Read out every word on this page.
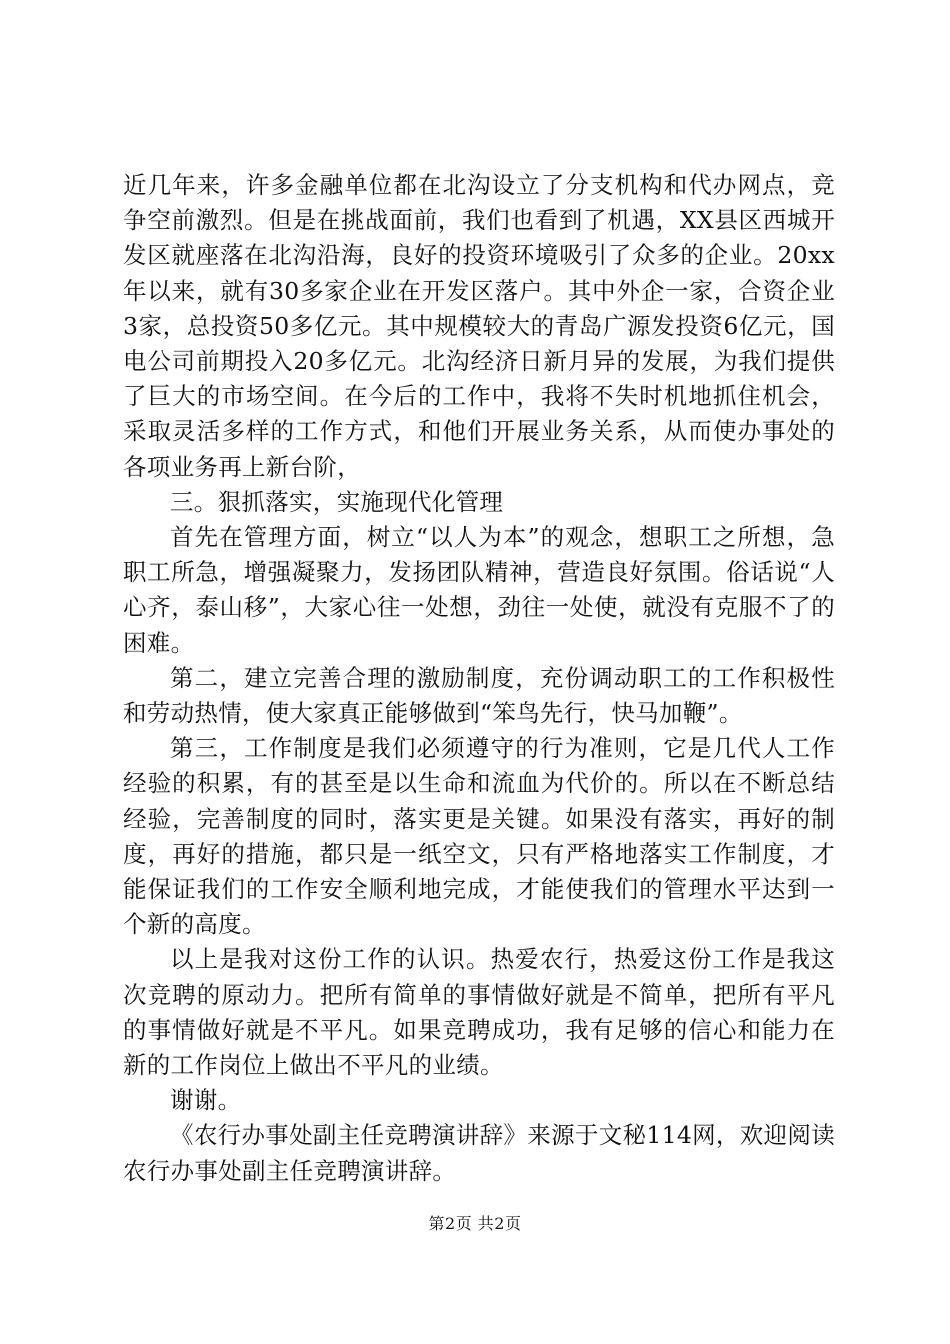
近几年来，许多金融单位都在北沟设立了分支机构和代办网点，竞争空前激烈。但是在挑战面前，我们也看到了机遇，XX县区西城开发区就座落在北沟沿海，良好的投资环境吸引了众多的企业。20xx年以来，就有30多家企业在开发区落户。其中外企一家，合资企业3家，总投资50多亿元。其中规模较大的青岛广源发投资6亿元，国电公司前期投入20多亿元。北沟经济日新月异的发展，为我们提供了巨大的市场空间。在今后的工作中，我将不失时机地抓住机会，采取灵活多样的工作方式，和他们开展业务关系，从而使办事处的各项业务再上新台阶，

三。狠抓落实，实施现代化管理

首先在管理方面，树立“以人为本”的观念，想职工之所想，急职工所急，增强凝聚力，发扬团队精神，营造良好氛围。俗话说“人心齐，泰山移”，大家心往一处想，劲往一处使，就没有克服不了的困难。

第二，建立完善合理的激励制度，充份调动职工的工作积极性和劳动热情，使大家真正能够做到“笨鸟先行，快马加鞭”。

第三，工作制度是我们必须遵守的行为准则，它是几代人工作经验的积累，有的甚至是以生命和流血为代价的。所以在不断总结经验，完善制度的同时，落实更是关键。如果没有落实，再好的制度，再好的措施，都只是一纸空文，只有严格地落实工作制度，才能保证我们的工作安全顺利地完成，才能使我们的管理水平达到一个新的高度。

以上是我对这份工作的认识。热爱农行，热爱这份工作是我这次竞聘的原动力。把所有简单的事情做好就是不简单，把所有平凡的事情做好就是不平凡。如果竞聘成功，我有足够的信心和能力在新的工作岗位上做出不平凡的业绩。

谢谢。

《农行办事处副主任竞聘演讲辞》来源于文秘114网，欢迎阅读农行办事处副主任竞聘演讲辞。

第2页 共2页
